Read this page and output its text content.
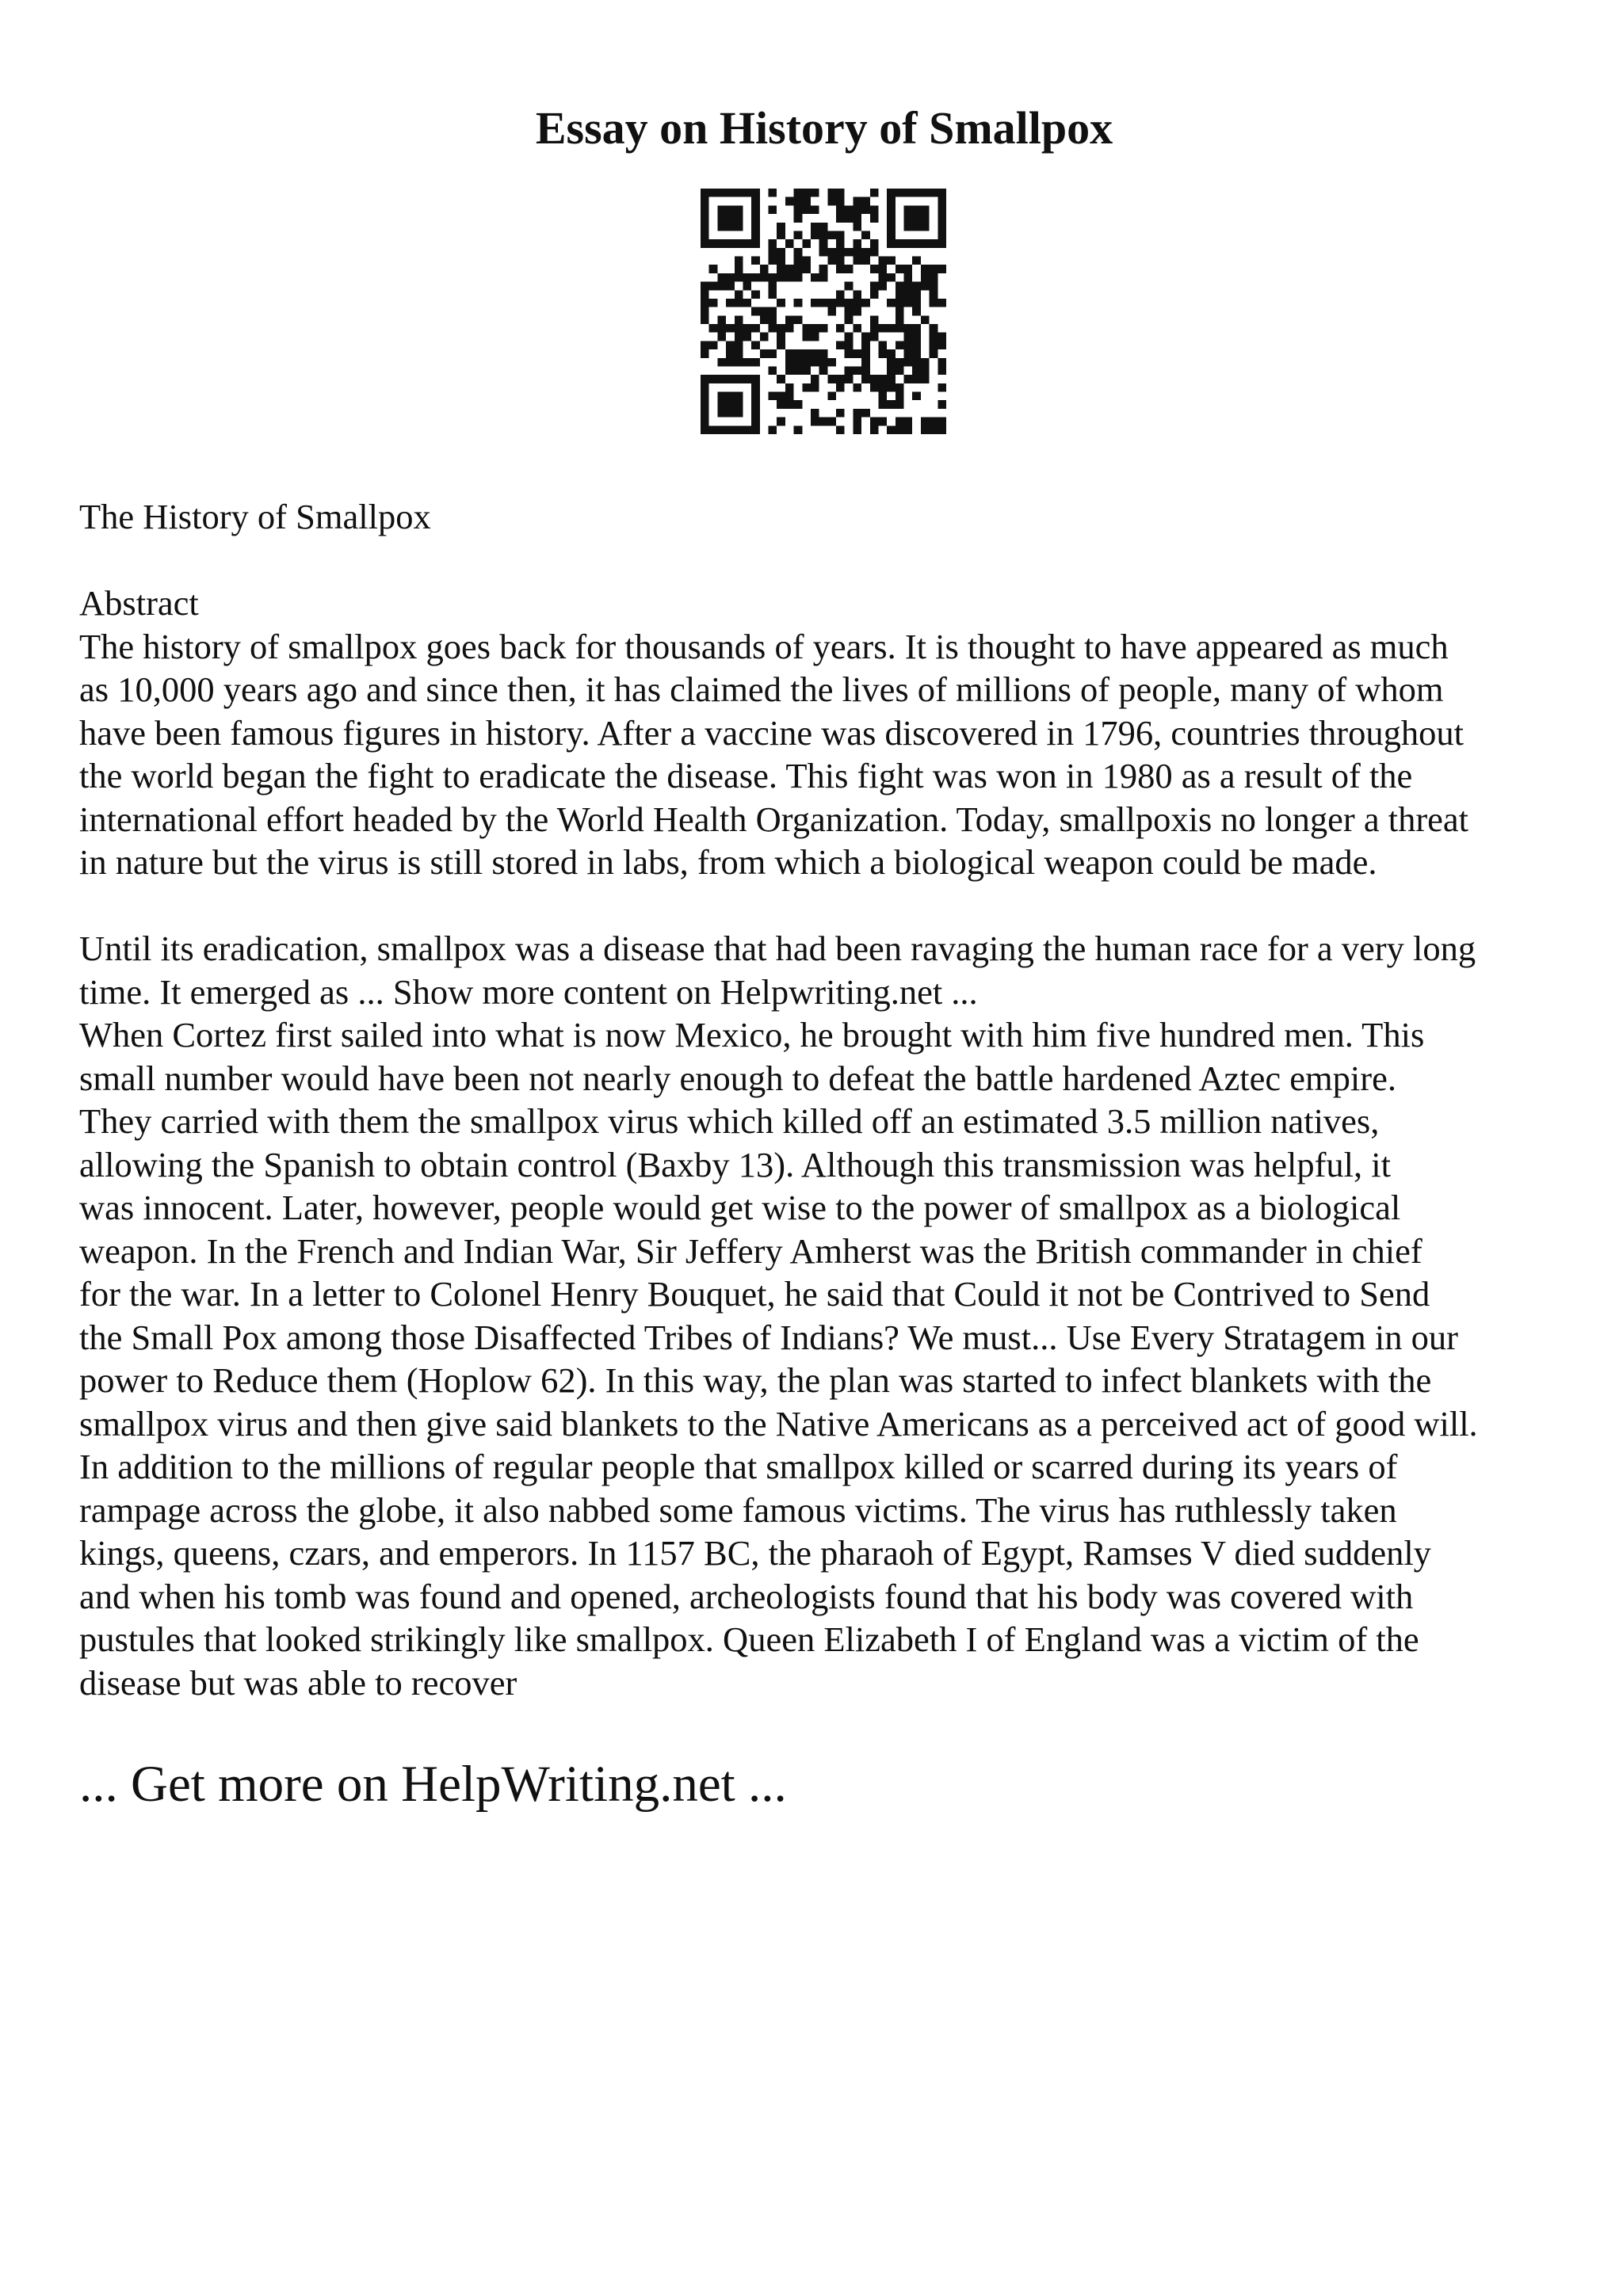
Essay on History of Smallpox

The History of Smallpox

Abstract

The history of smallpox goes back for thousands of years. It is thought to have appeared as much
as 10,000 years ago and since then, it has claimed the lives of millions of people, many of whom
have been famous figures in history. After a vaccine was discovered in 1796, countries throughout
the world began the fight to eradicate the disease. This fight was won in 1980 as a result of the
international effort headed by the World Health Organization. Today, smallpoxis no longer a threat
in nature but the virus is still stored in labs, from which a biological weapon could be made.

Until its eradication, smallpox was a disease that had been ravaging the human race for a very long
time. It emerged as ... Show more content on Helpwriting.net ...

When Cortez first sailed into what is now Mexico, he brought with him five hundred men. This
small number would have been not nearly enough to defeat the battle hardened Aztec empire.
They carried with them the smallpox virus which killed off an estimated 3.5 million natives,
allowing the Spanish to obtain control (Baxby 13). Although this transmission was helpful, it
was innocent. Later, however, people would get wise to the power of smallpox as a biological
weapon. In the French and Indian War, Sir Jeffery Amherst was the British commander in chief
for the war. In a letter to Colonel Henry Bouquet, he said that Could it not be Contrived to Send
the Small Pox among those Disaffected Tribes of Indians? We must... Use Every Stratagem in our
power to Reduce them (Hoplow 62). In this way, the plan was started to infect blankets with the
smallpox virus and then give said blankets to the Native Americans as a perceived act of good will.
In addition to the millions of regular people that smallpox killed or scarred during its years of
rampage across the globe, it also nabbed some famous victims. The virus has ruthlessly taken
kings, queens, czars, and emperors. In 1157 BC, the pharaoh of Egypt, Ramses V died suddenly
and when his tomb was found and opened, archeologists found that his body was covered with
pustules that looked strikingly like smallpox. Queen Elizabeth I of England was a victim of the
disease but was able to recover

... Get more on HelpWriting.net ...
